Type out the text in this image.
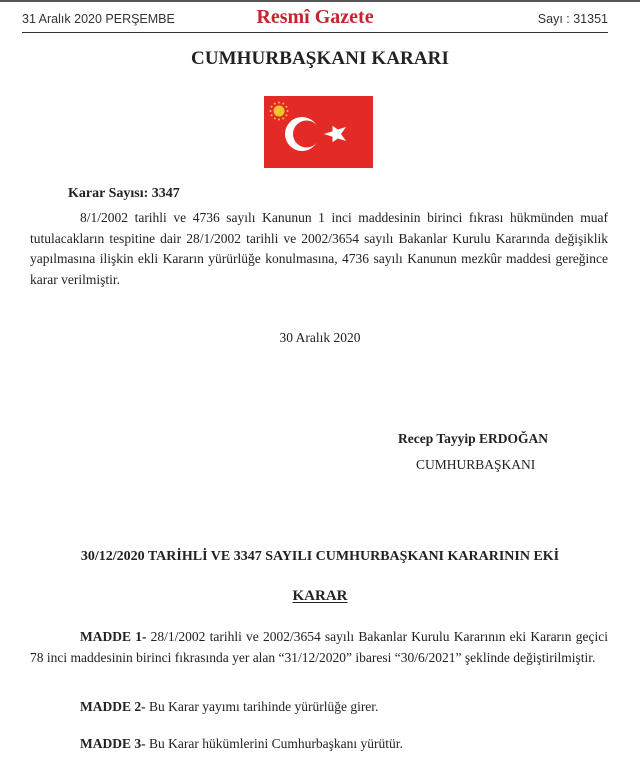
31 Aralık 2020 PERŞEMBE	Resmî Gazete	Sayı : 31351
CUMHURBAŞKANI KARARI
Karar Sayısı: 3347

8/1/2002 tarihli ve 4736 sayılı Kanunun 1 inci maddesinin birinci fıkrası hükmünden muaf tutulacakların tespitine dair 28/1/2002 tarihli ve 2002/3654 sayılı Bakanlar Kurulu Kararında değişiklik yapılmasına ilişkin ekli Kararın yürürlüğe konulmasına, 4736 sayılı Kanunun mezkûr maddesi gereğince karar verilmiştir.

30 Aralık 2020
Recep Tayyip ERDOĞAN
CUMHURBAŞKANI
30/12/2020 TARİHLİ VE 3347 SAYILI CUMHURBAŞKANI KARARININ EKİ
KARAR

MADDE 1- 28/1/2002 tarihli ve 2002/3654 sayılı Bakanlar Kurulu Kararının eki Kararın geçici 78 inci maddesinin birinci fıkrasında yer alan “31/12/2020” ibaresi “30/6/2021” şeklinde değiştirilmiştir.

MADDE 2- Bu Karar yayımı tarihinde yürürlüğe girer.
MADDE 3- Bu Karar hükümlerini Cumhurbaşkanı yürütür.
